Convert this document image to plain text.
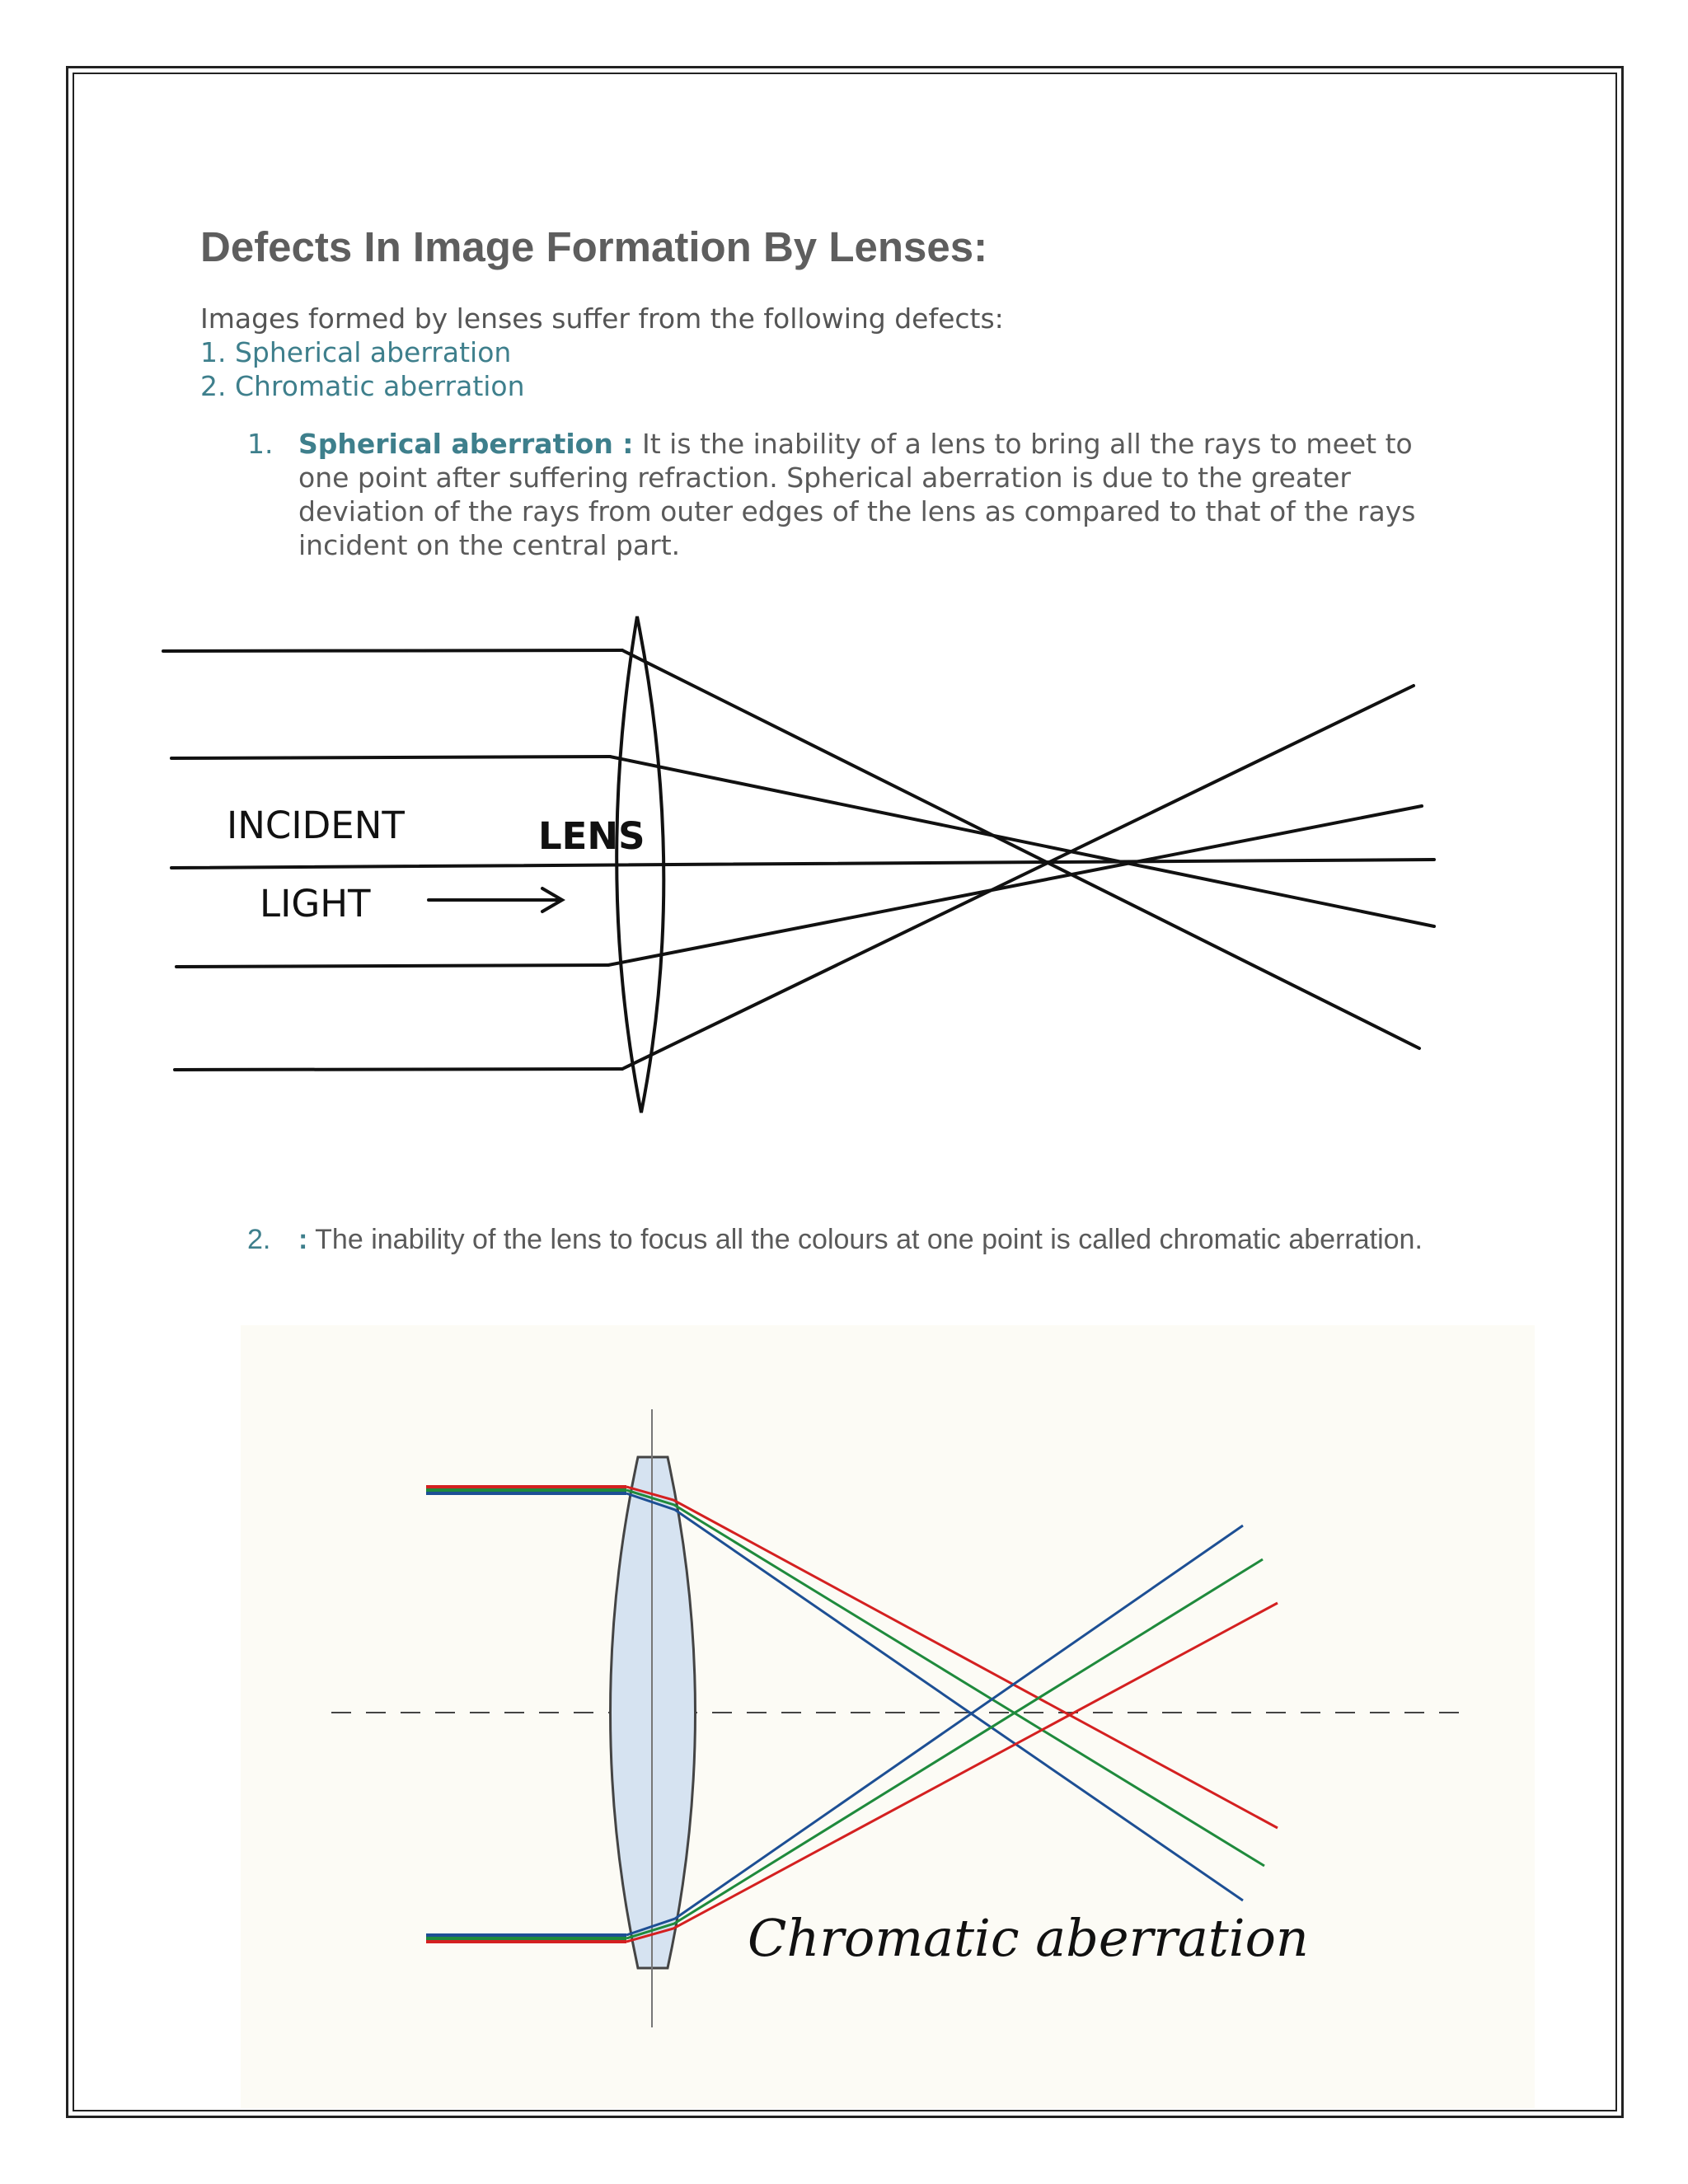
Defects In Image Formation By Lenses:
Images formed by lenses suffer from the following defects:
1. Spherical aberration
2. Chromatic aberration
1. Spherical aberration : It is the inability of a lens to bring all the rays to meet to one point after suffering refraction. Spherical aberration is due to the greater deviation of the rays from outer edges of the lens as compared to that of the rays incident on the central part.
INCIDENT
LIGHT
LENS
2. : The inability of the lens to focus all the colours at one point is called chromatic aberration.
Chromatic aberration
